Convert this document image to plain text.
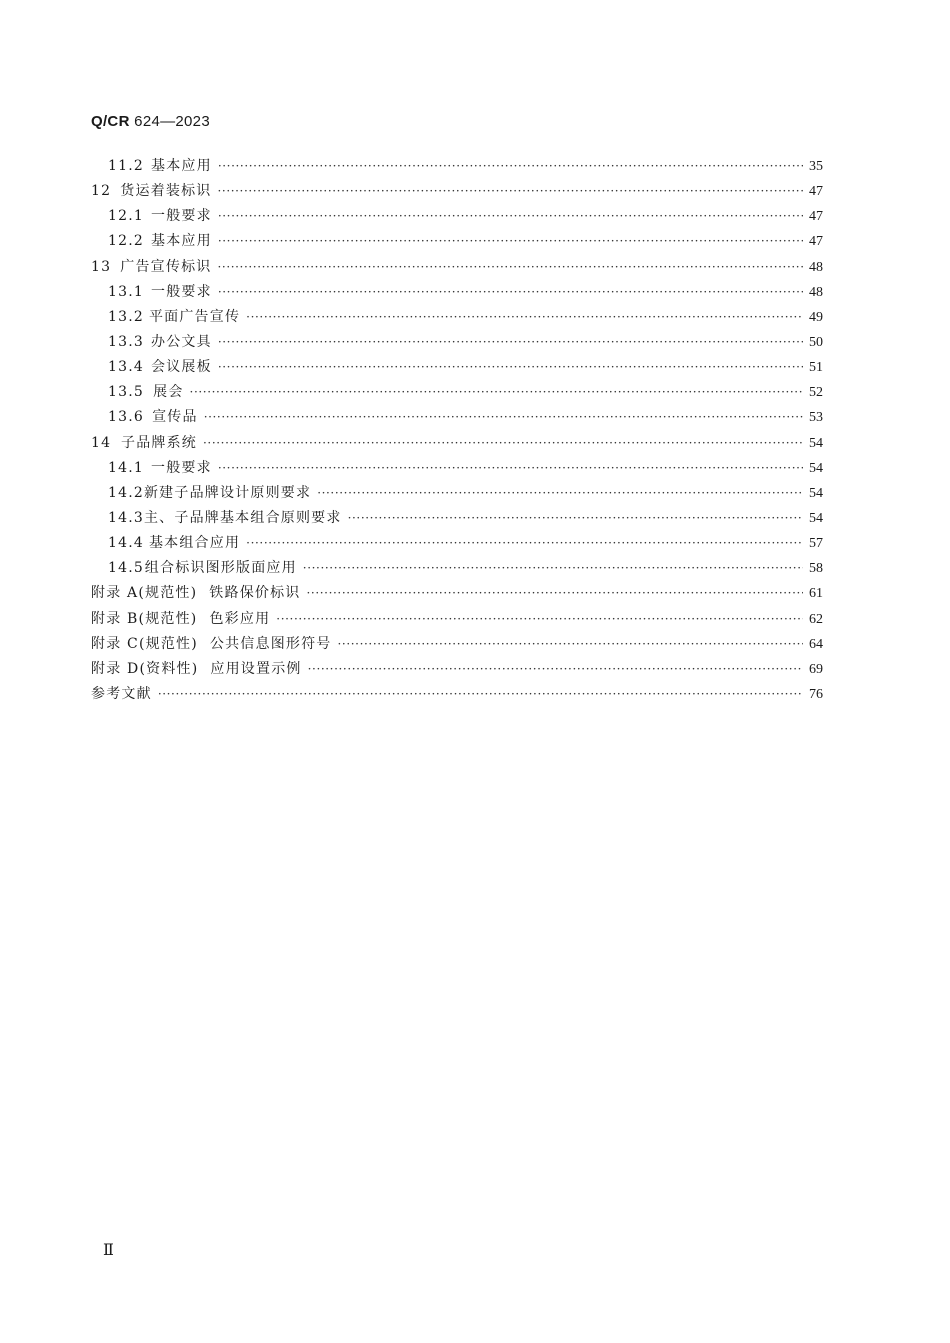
Q/CR 624—2023
11.2 基本应用 ·····	35
12 货运着装标识 ·····	47
12.1 一般要求 ·····	47
12.2 基本应用 ·····	47
13 广告宣传标识 ·····	48
13.1 一般要求 ·····	48
13.2 平面广告宣传 ·····	49
13.3 办公文具 ·····	50
13.4 会议展板 ·····	51
13.5 展会 ·····	52
13.6 宣传品 ·····	53
14 子品牌系统 ·····	54
14.1 一般要求 ·····	54
14.2 新建子品牌设计原则要求 ·····	54
14.3 主、子品牌基本组合原则要求 ·····	54
14.4 基本组合应用 ·····	57
14.5 组合标识图形版面应用 ·····	58
附录 A(规范性) 铁路保价标识 ·····	61
附录 B(规范性) 色彩应用 ·····	62
附录 C(规范性) 公共信息图形符号 ·····	64
附录 D(资料性) 应用设置示例 ·····	69
参考文献 ·····	76
Ⅱ
